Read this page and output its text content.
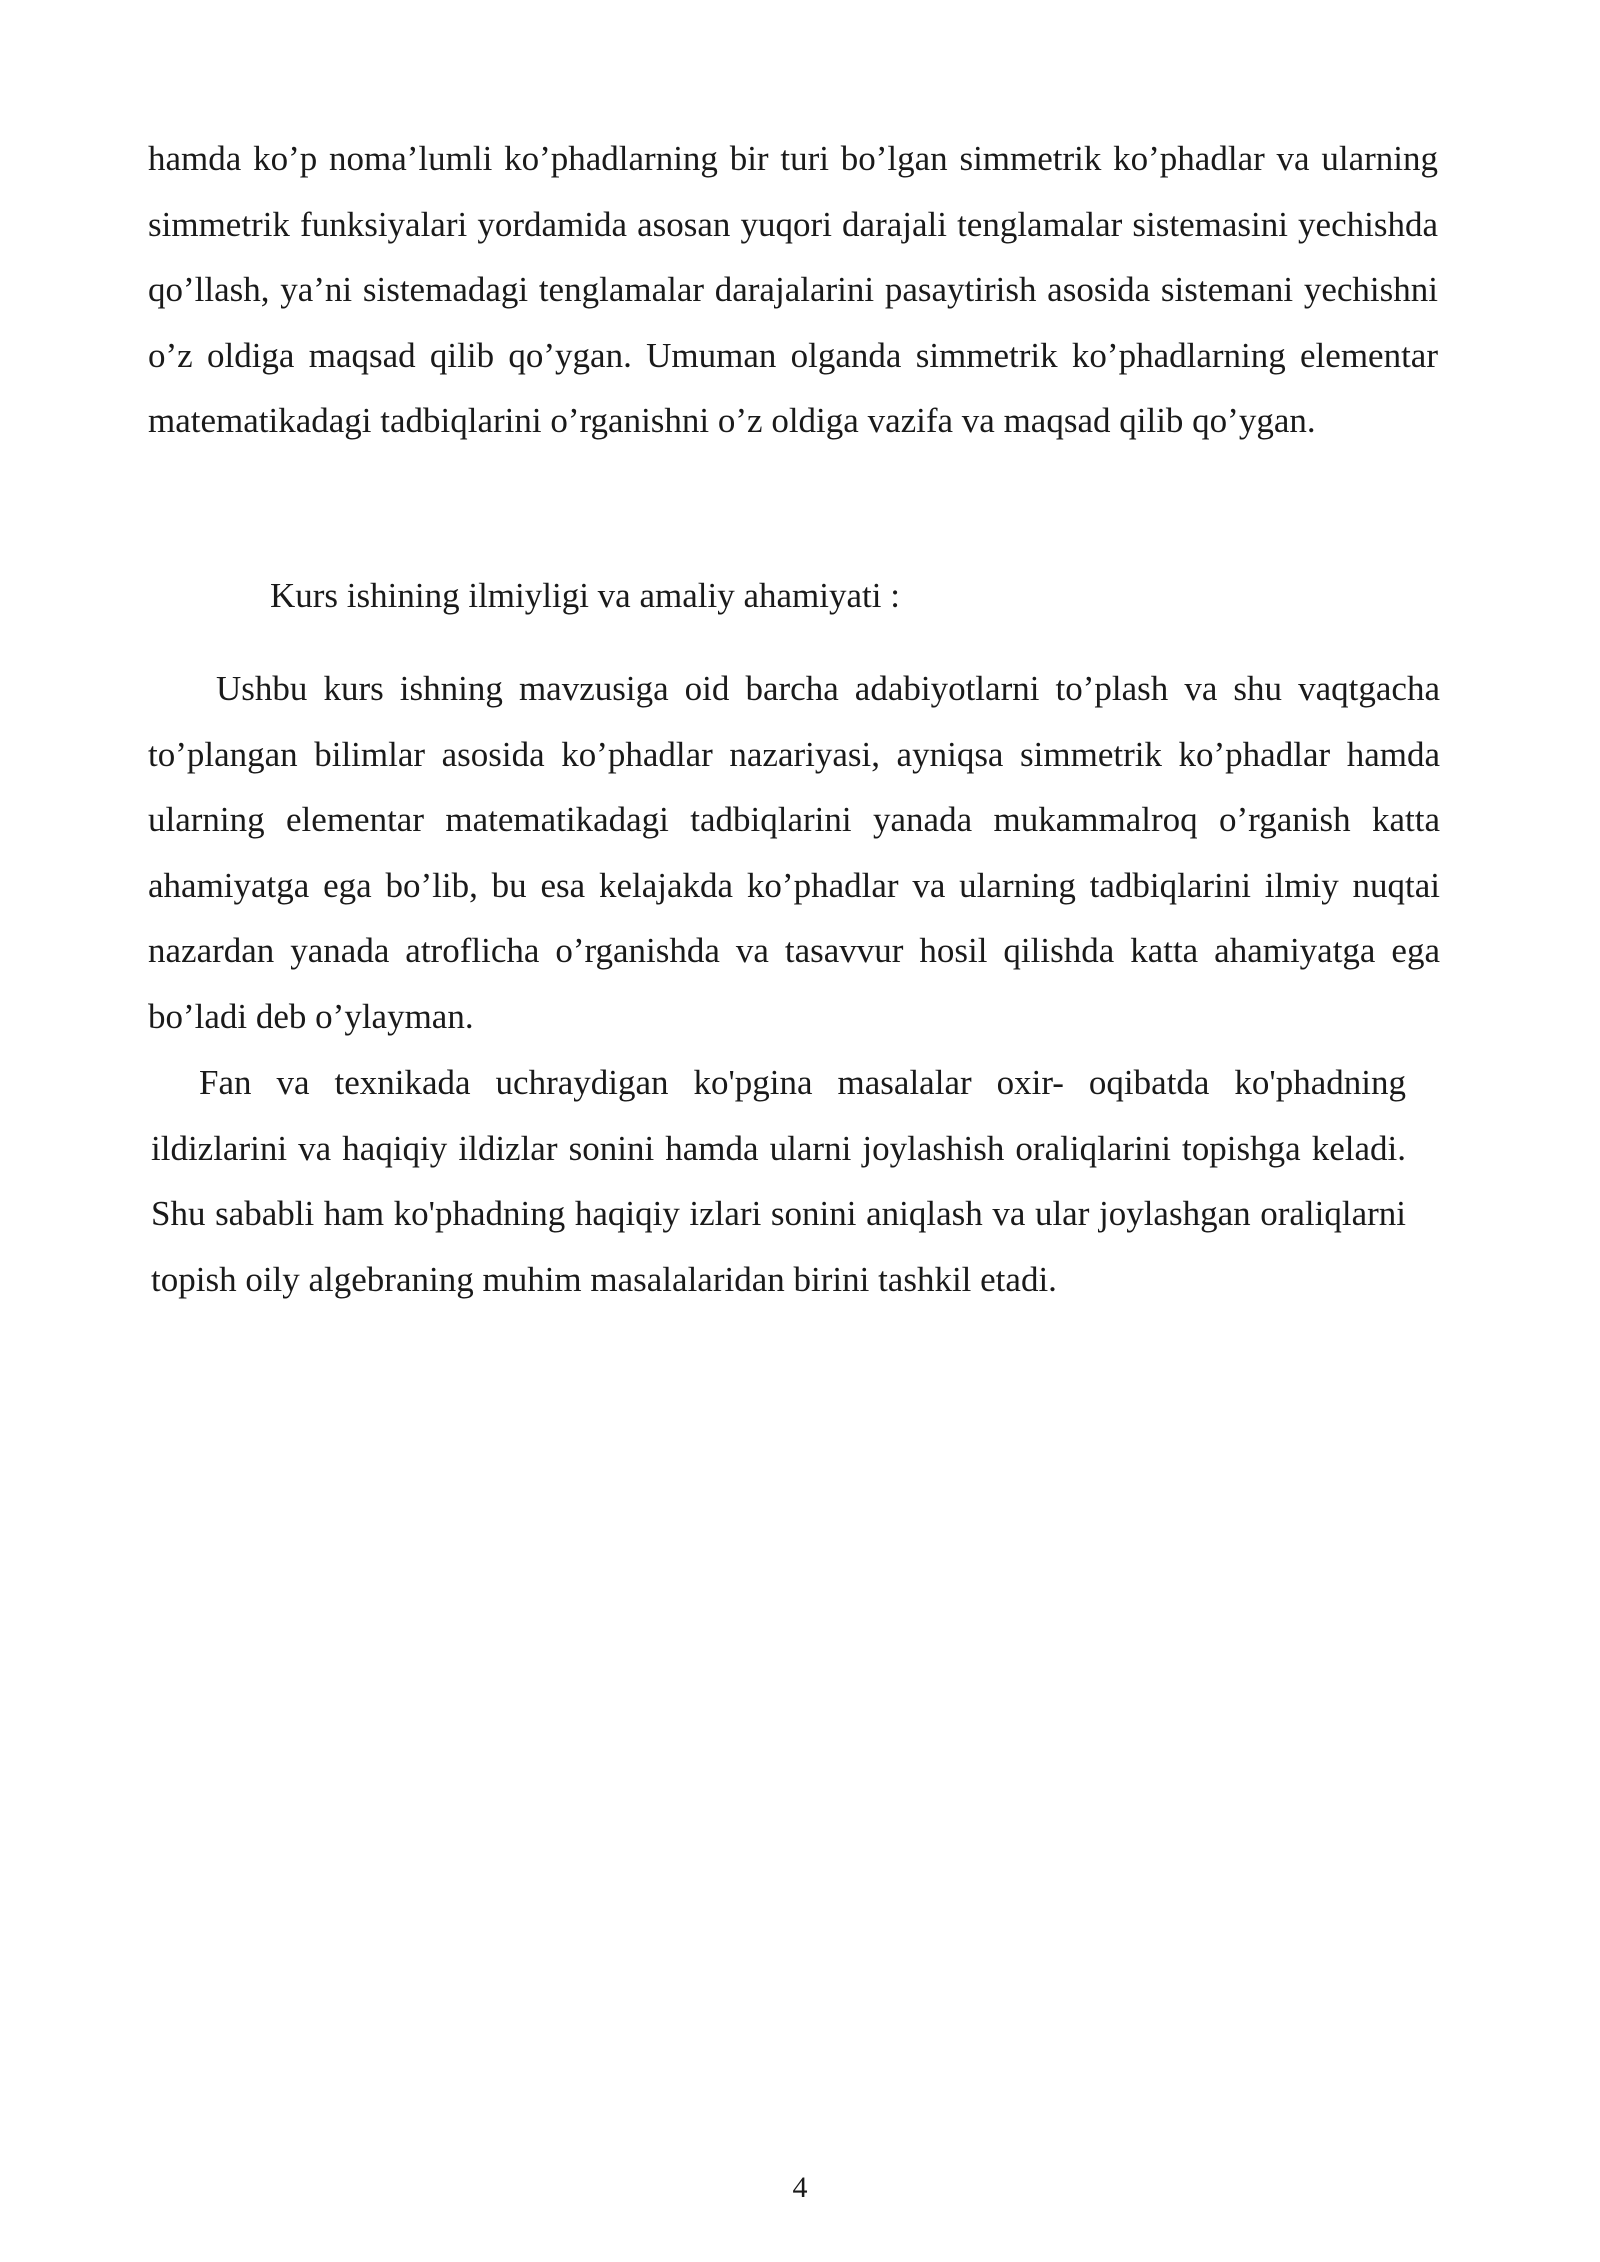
hamda ko’p noma’lumli ko’phadlarning bir turi bo’lgan simmetrik ko’phadlar va ularning simmetrik funksiyalari yordamida asosan yuqori darajali tenglamalar sistemasini yechishda qo’llash, ya’ni sistemadagi tenglamalar darajalarini pasaytirish asosida sistemani yechishni o’z oldiga maqsad qilib qo’ygan. Umuman olganda simmetrik ko’phadlarning elementar matematikadagi tadbiqlarini o’rganishni o’z oldiga vazifa va maqsad qilib qo’ygan.

Kurs ishining ilmiyligi va amaliy ahamiyati :

Ushbu kurs ishning mavzusiga oid barcha adabiyotlarni to’plash va shu vaqtgacha to’plangan bilimlar asosida ko’phadlar nazariyasi, ayniqsa simmetrik ko’phadlar hamda ularning elementar matematikadagi tadbiqlarini yanada mukammalroq o’rganish katta ahamiyatga ega bo’lib, bu esa kelajakda ko’phadlar va ularning tadbiqlarini ilmiy nuqtai nazardan yanada atroflicha o’rganishda va tasavvur hosil qilishda katta ahamiyatga ega bo’ladi deb o’ylayman.

Fan va texnikada uchraydigan ko'pgina masalalar oxir- oqibatda ko'phadning ildizlarini va haqiqiy ildizlar sonini hamda ularni joylashish oraliqlarini topishga keladi. Shu sababli ham ko'phadning haqiqiy izlari sonini aniqlash va ular joylashgan oraliqlarni topish oily algebraning muhim masalalaridan birini tashkil etadi.

4
